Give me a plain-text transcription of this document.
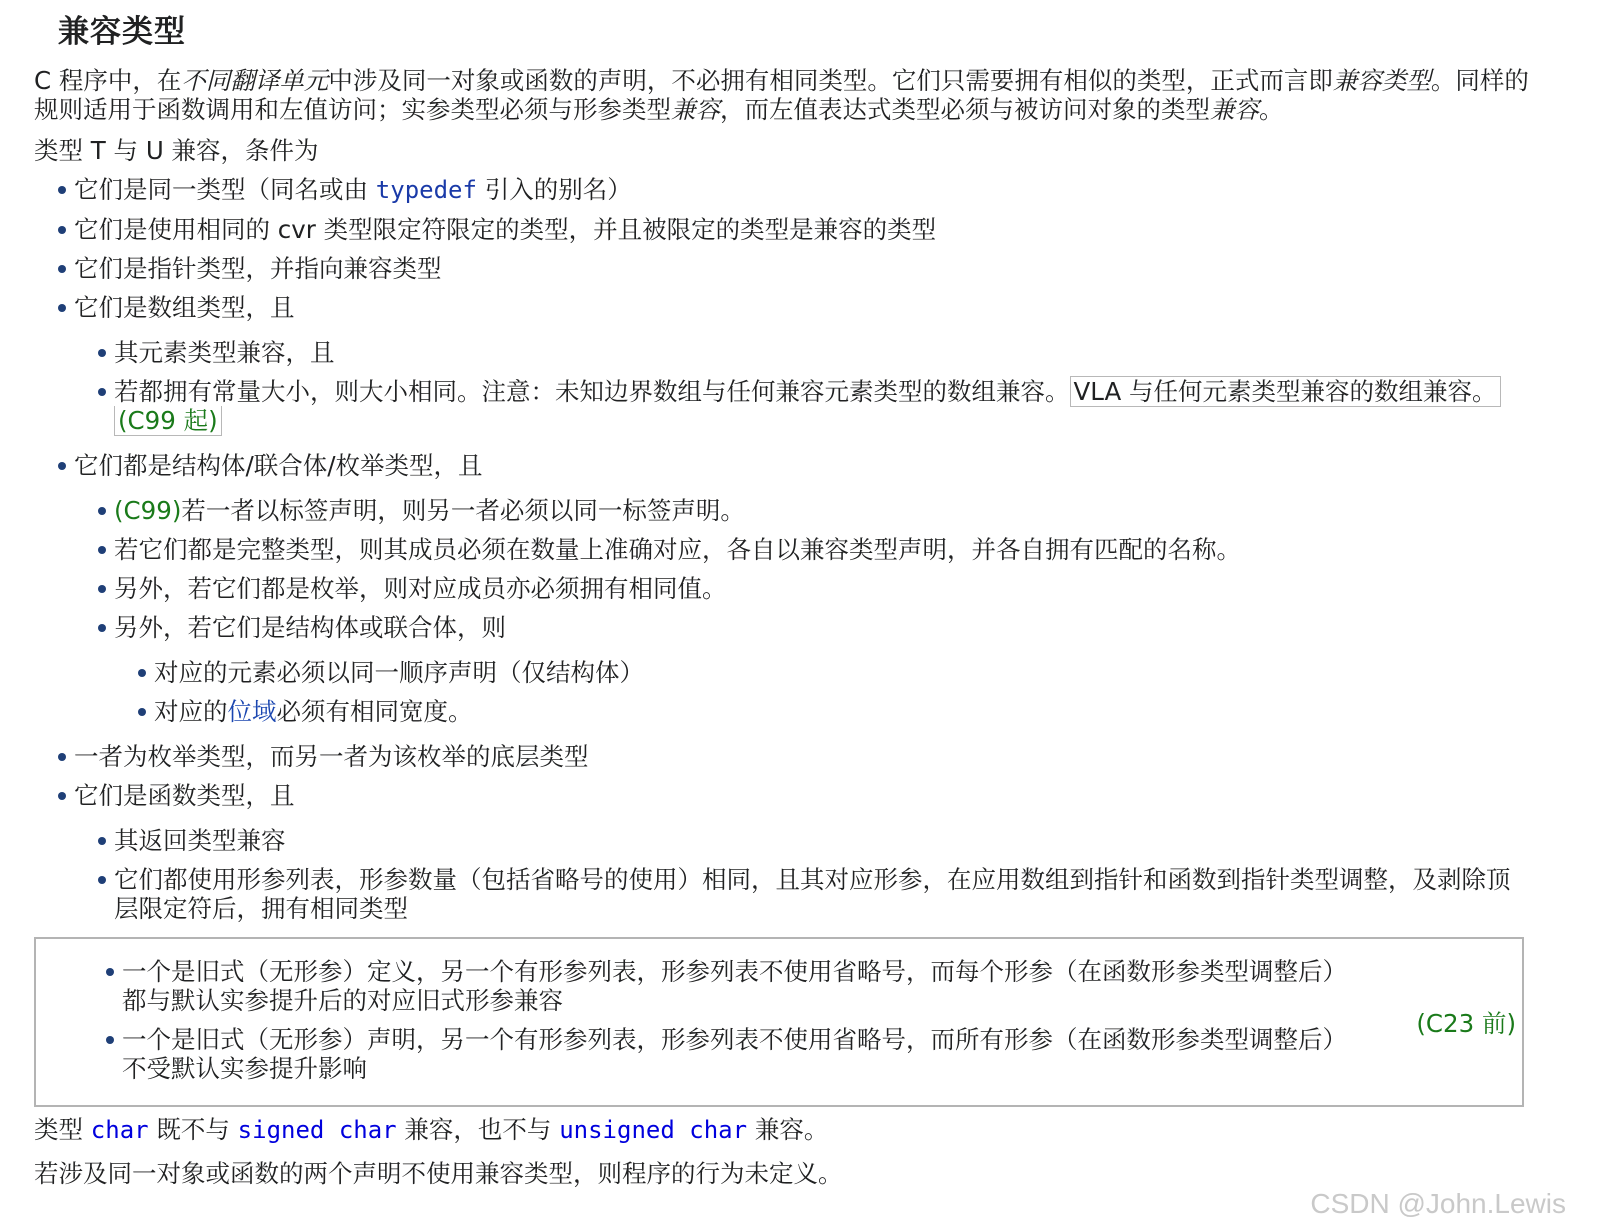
兼容类型

C 程序中，在不同翻译单元中涉及同一对象或函数的声明，不必拥有相同类型。它们只需要拥有相似的类型，正式而言即兼容类型。同样的规则适用于函数调用和左值访问；实参类型必须与形参类型兼容，而左值表达式类型必须与被访问对象的类型兼容。

类型 T 与 U 兼容，条件为

它们是同一类型（同名或由 typedef 引入的别名）
它们是使用相同的 cvr 类型限定符限定的类型，并且被限定的类型是兼容的类型
它们是指针类型，并指向兼容类型
它们是数组类型，且
其元素类型兼容，且
若都拥有常量大小，则大小相同。注意：未知边界数组与任何兼容元素类型的数组兼容。 VLA 与任何元素类型兼容的数组兼容。
(C99 起)
它们都是结构体/联合体/枚举类型，且
(C99)若一者以标签声明，则另一者必须以同一标签声明。
若它们都是完整类型，则其成员必须在数量上准确对应，各自以兼容类型声明，并各自拥有匹配的名称。
另外，若它们都是枚举，则对应成员亦必须拥有相同值。
另外，若它们是结构体或联合体，则
对应的元素必须以同一顺序声明（仅结构体）
对应的位域必须有相同宽度。
一者为枚举类型，而另一者为该枚举的底层类型
它们是函数类型，且
其返回类型兼容
它们都使用形参列表，形参数量（包括省略号的使用）相同，且其对应形参，在应用数组到指针和函数到指针类型调整，及剥除顶层限定符后，拥有相同类型
一个是旧式（无形参）定义，另一个有形参列表，形参列表不使用省略号，而每个形参（在函数形参类型调整后）都与默认实参提升后的对应旧式形参兼容
一个是旧式（无形参）声明，另一个有形参列表，形参列表不使用省略号，而所有形参（在函数形参类型调整后）不受默认实参提升影响
(C23 前)

类型 char 既不与 signed char 兼容，也不与 unsigned char 兼容。

若涉及同一对象或函数的两个声明不使用兼容类型，则程序的行为未定义。

CSDN @John.Lewis
